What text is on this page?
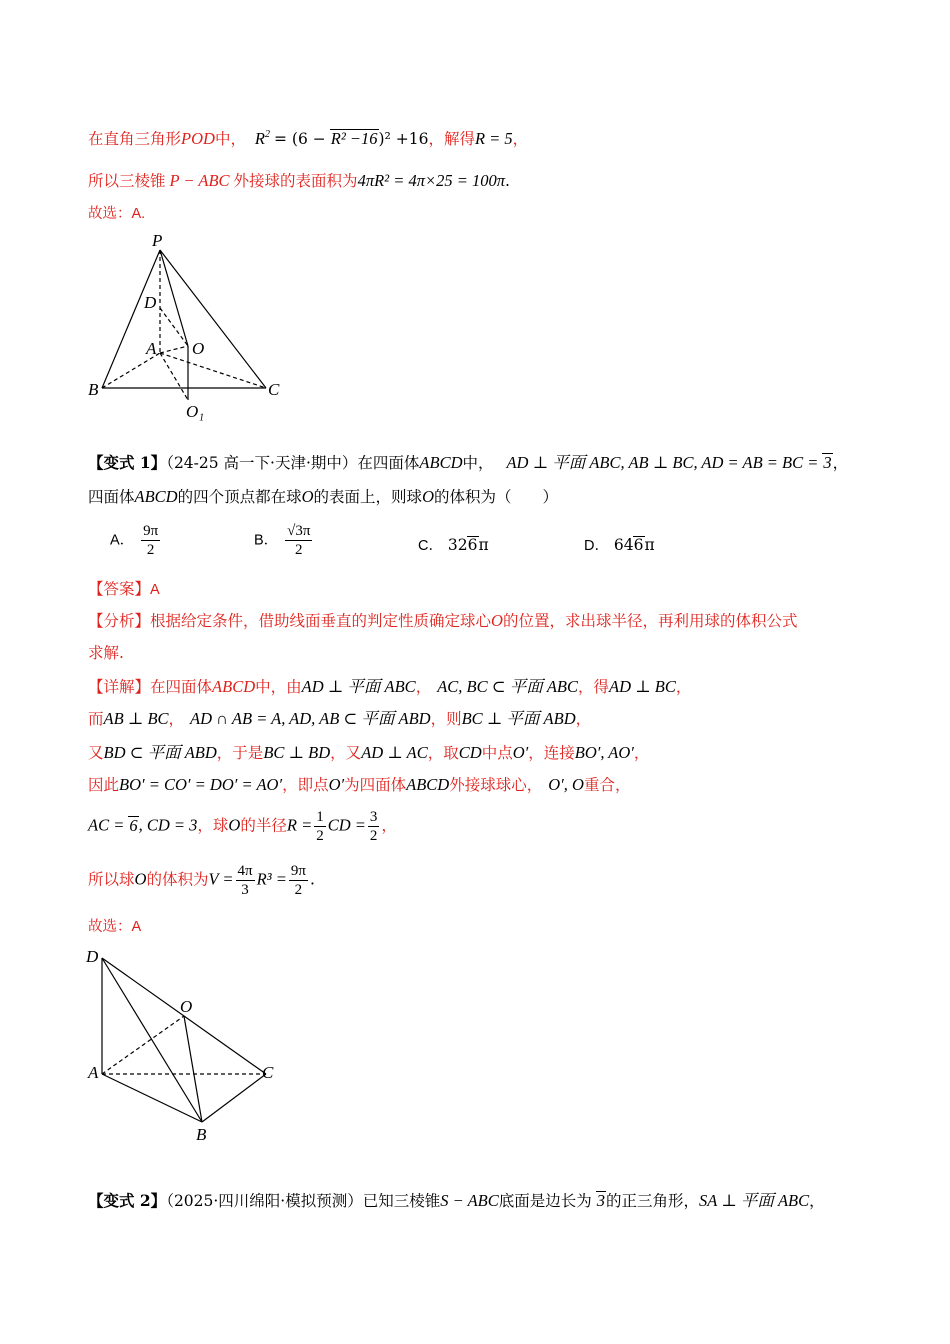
在直角三角形POD中， $R^2 = (6 - R^2 -16)^2 +16$，解得R = 5，
所以三棱锥 P − ABC 外接球的表面积为4πR² = 4π×25 = 100π.
故选：A.
P
D
A O
B	C
O₁
【变式 1】（24-25 高一下·天津·期中）在四面体ABCD中， AD ⊥ 平面 ABC, AB ⊥ BC, AD = AB = BC = 3，
四面体ABCD的四个顶点都在球O的表面上，则球O的体积为（　　）
A． $\frac{9\pi}{2}$	B． $\frac{√3\pi}{2}$	C． 326π	D． 646π
【答案】A
【分析】根据给定条件，借助线面垂直的判定性质确定球心O的位置，求出球半径，再利用球的体积公式
求解.
【详解】在四面体ABCD中，由AD ⊥ 平面 ABC， AC, BC ⊂ 平面 ABC，得AD ⊥ BC，
而AB ⊥ BC， AD ∩ AB = A, AD, AB ⊂ 平面 ABD，则BC ⊥ 平面 ABD，
又BD ⊂ 平面 ABD，于是BC ⊥ BD，又AD ⊥ AC，取CD中点O′，连接BO′, AO′，
因此BO′ = CO′ = DO′ = AO′，即点O′为四面体ABCD外接球球心， O′, O重合，
AC = 6, CD = 3，球O的半径$R = \frac{1}{2}$ CD = $\frac{3}{2}$ ，
所以球O的体积为$V = \frac{4\pi}{3} R^3 = \frac{9\pi}{2}$ .
故选：A
D
O
A	C
B
【变式 2】（2025·四川绵阳·模拟预测）已知三棱锥S − ABC底面是边长为 3的正三角形，SA ⊥ 平面 ABC，
